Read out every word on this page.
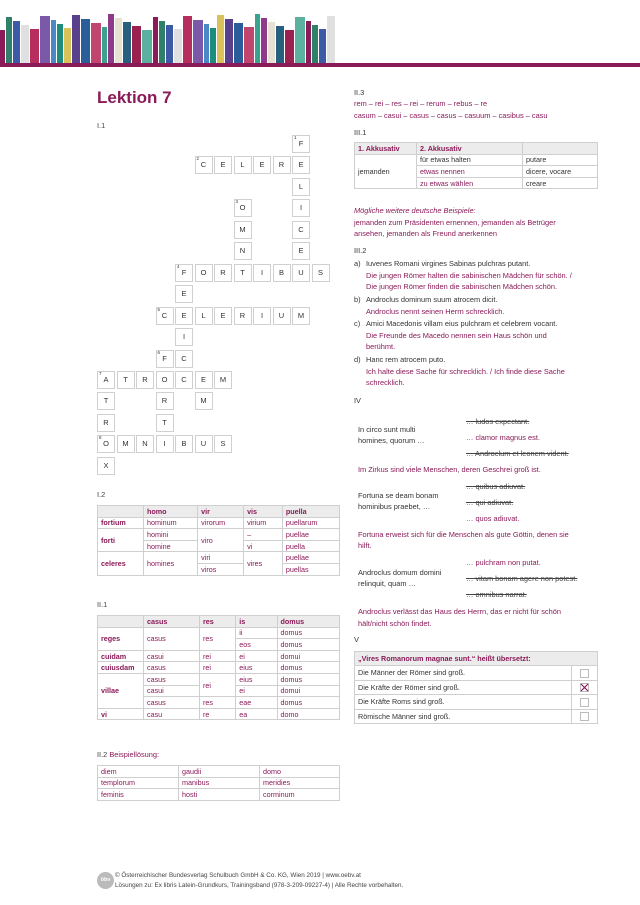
Lektion 7
I.1
F
1
C
2
E	L	E	R	E
L
O
3
I
M	C
N	E
F
4
O	R	T	I	B	U	S
E
C
5
E	L	E	R	I	U	M
I
F
6
C
A
7
T	R	O	C	E	M
T	R	M
R	T
O
8
M	N	I	B	U	S
X
I.2
	homo	vir	vis	puella
fortium	hominum	virorum	virium	puellarum
forti	homini	viro	–	puellae
	homine		vi	puella
celeres	homines	viri	vires	puellae
		viros		puellas
II.1
	casus	res	is	domus
reges	casus	res	ii	domus
			eos	domus
cuidam	casui	rei	ei	domui
cuiusdam	casus	rei	eius	domus
villae	casus	rei	eius	domus
	casui		ei	domui
	casus	res	eae	domus
vi	casu	re	ea	domo
II.2 Beispiellösung:
diem	gaudii	domo
templorum	manibus	meridies
feminis	hosti	corminum
II.3
rem – rei – res – rei – rerum – rebus – re
casum – casui – casus – casus – casuum – casibus – casu
III.1
1. Akkusativ	2. Akkusativ	
jemanden	für etwas halten	putare
	etwas nennen	dicere, vocare
	zu etwas wählen	creare
Mögliche weitere deutsche Beispiele:
jemanden zum Präsidenten ernennen, jemanden als Betrüger
ansehen, jemanden als Freund anerkennen
III.2
a) Iuvenes Romani virgines Sabinas pulchras putant.
Die jungen Römer halten die sabinischen Mädchen für schön. /
Die jungen Römer finden die sabinischen Mädchen schön.
b) Androclus dominum suum atrocem dicit.
Androclus nennt seinen Herrn schrecklich.
c) Amici Macedonis villam eius pulchram et celebrem vocant.
Die Freunde des Macedo nennen sein Haus schön und
berühmt.
d) Hanc rem atrocem puto.
Ich halte diese Sache für schrecklich. / Ich finde diese Sache
schrecklich.
IV
In circo sunt multi
homines, quorum …
… ludos expectant.
… clamor magnus est.
… Androclum et leonem vident.
Im Zirkus sind viele Menschen, deren Geschrei groß ist.
Fortuna se deam bonam
hominibus praebet, …
… quibus adiuvat.
… qui adiuvat.
… quos adiuvat.
Fortuna erweist sich für die Menschen als gute Göttin, denen sie
hilft.
Androclus domum domini
relinquit, quam …
… pulchram non putat.
… vitam bonam agere non potest.
… omnibus narrat.
Androclus verlässt das Haus des Herrn, das er nicht für schön
hält/nicht schön findet.
V
„Vires Romanorum magnae sunt.“ heißt übersetzt:	
Die Männer der Römer sind groß.	
Die Kräfte der Römer sind groß.	

Die Kräfte Roms sind groß.	
Römische Männer sind groß.	
öbv
© Österreichischer Bundesverlag Schulbuch GmbH & Co. KG, Wien 2019 | www.oebv.at
Lösungen zu: Ex libris Latein-Grundkurs, Trainingsband (978-3-209-09227-4) | Alle Rechte vorbehalten.
